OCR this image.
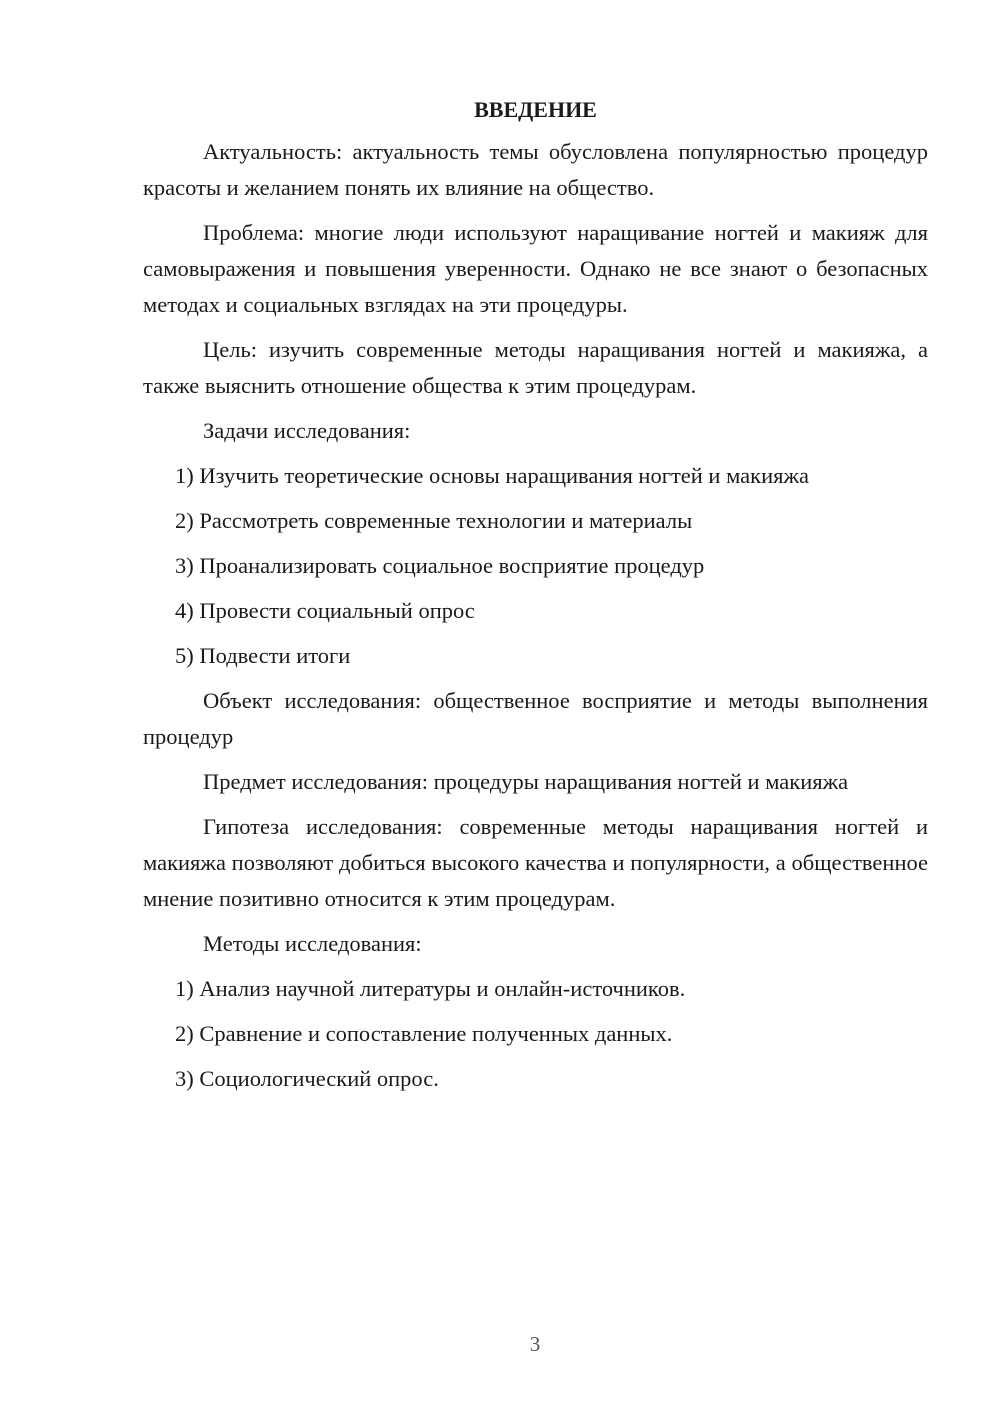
ВВЕДЕНИЕ

Актуальность: актуальность темы обусловлена популярностью процедур красоты и желанием понять их влияние на общество.

Проблема: многие люди используют наращивание ногтей и макияж для самовыражения и повышения уверенности. Однако не все знают о безопасных методах и социальных взглядах на эти процедуры.

Цель: изучить современные методы наращивания ногтей и макияжа, а также выяснить отношение общества к этим процедурам.

Задачи исследования:

1) Изучить теоретические основы наращивания ногтей и макияжа
2) Рассмотреть современные технологии и материалы
3) Проанализировать социальное восприятие процедур
4) Провести социальный опрос
5) Подвести итоги

Объект исследования: общественное восприятие и методы выполнения процедур

Предмет исследования: процедуры наращивания ногтей и макияжа

Гипотеза исследования: современные методы наращивания ногтей и макияжа позволяют добиться высокого качества и популярности, а общественное мнение позитивно относится к этим процедурам.

Методы исследования:

1) Анализ научной литературы и онлайн-источников.
2) Сравнение и сопоставление полученных данных.
3) Социологический опрос.
3
